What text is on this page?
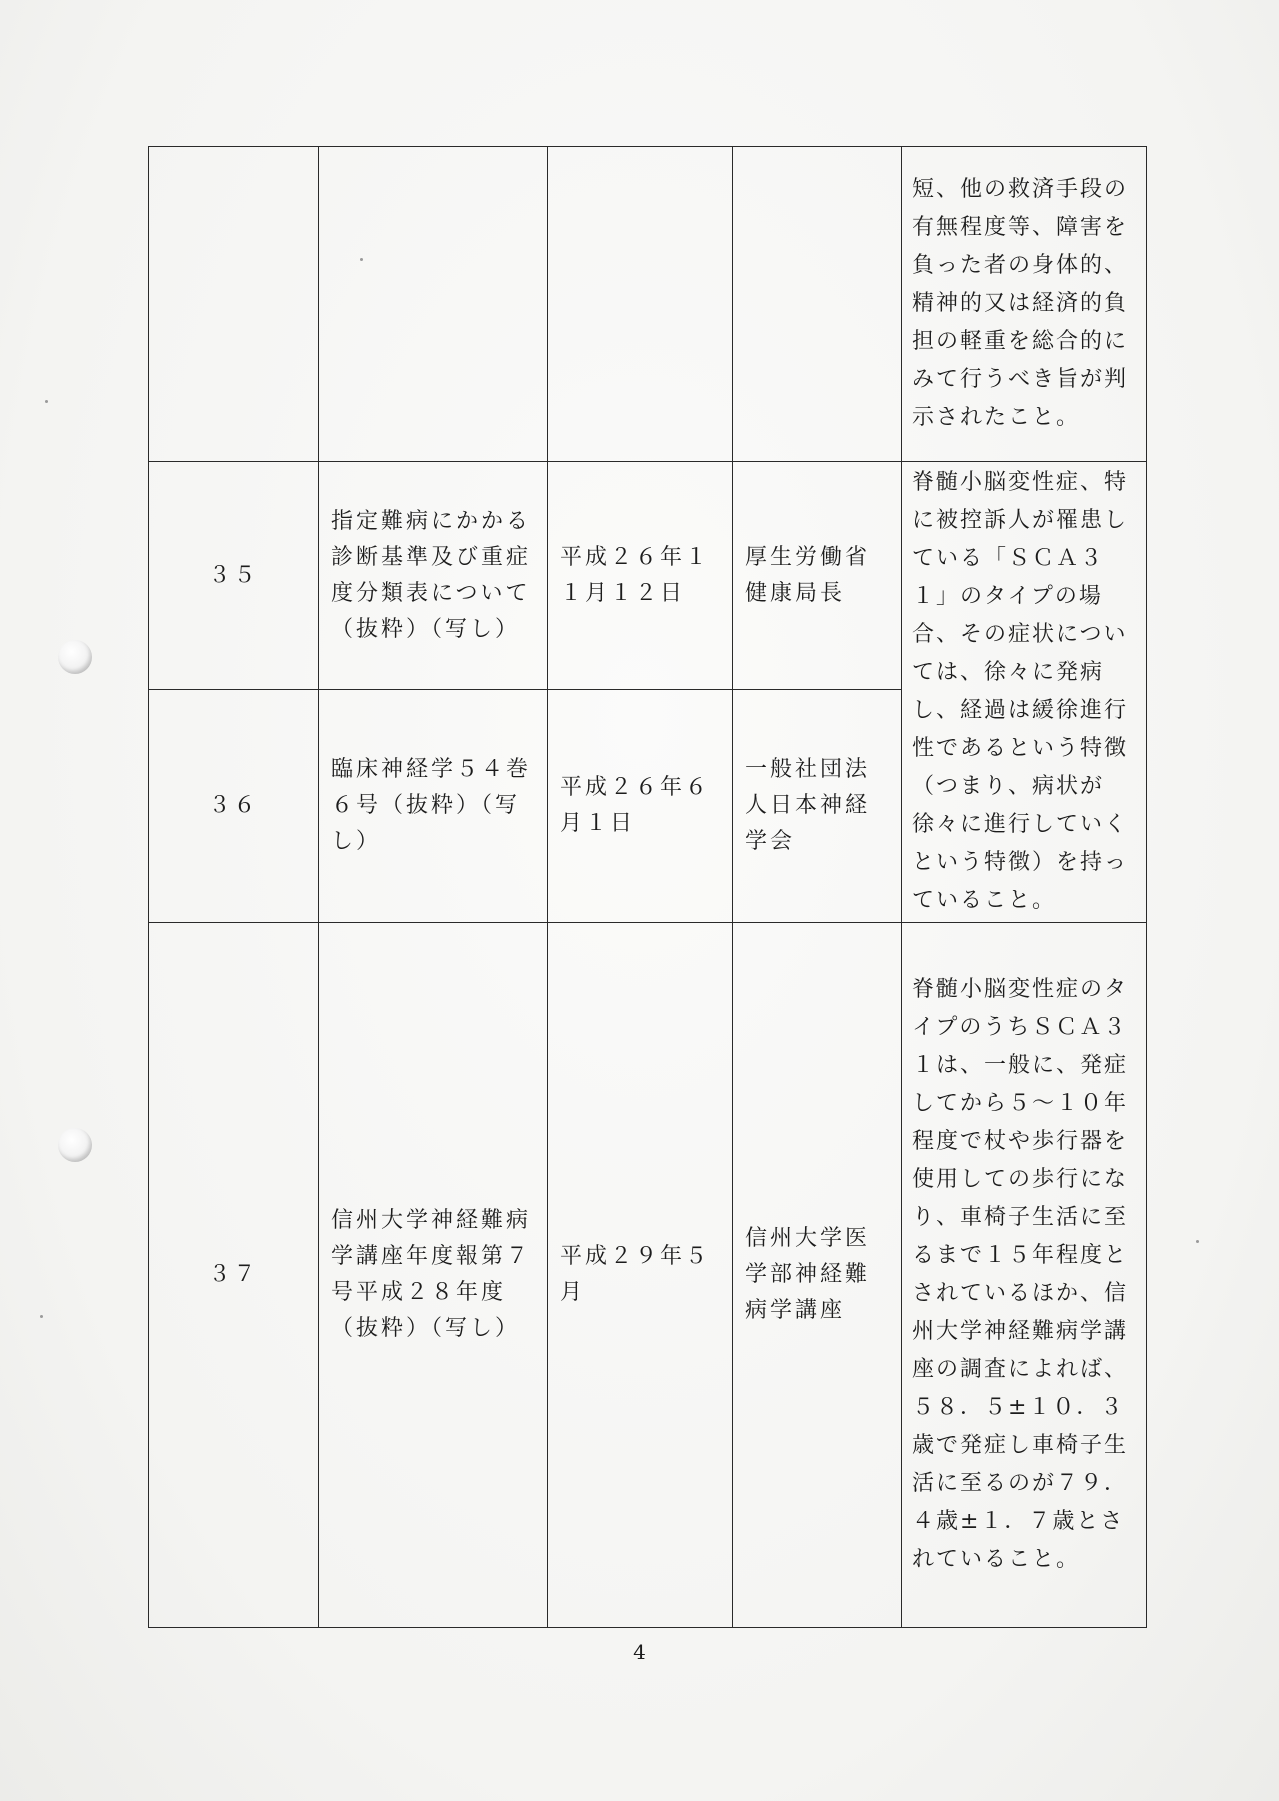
				短、他の救済手段の有無程度等、障害を負った者の身体的、精神的又は経済的負担の軽重を総合的にみて行うべき旨が判示されたこと。

３５	指定難病にかかる診断基準及び重症度分類表について（抜粋）（写し）	平成２６年１１月１２日	厚生労働省健康局長	脊髄小脳変性症、特に被控訴人が罹患している「ＳＣＡ３１」のタイプの場合、その症状については、徐々に発病し、経過は緩徐進行性であるという特徴（つまり、病状が徐々に進行していくという特徴）を持っていること。

３６	臨床神経学５４巻６号（抜粋）（写し）	平成２６年６月１日	一般社団法人日本神経学会	

３７	信州大学神経難病学講座年度報第７号平成２８年度（抜粋）（写し）	平成２９年５月	信州大学医学部神経難病学講座	脊髄小脳変性症のタイプのうちＳＣＡ３１は、一般に、発症してから５～１０年程度で杖や歩行器を使用しての歩行になり、車椅子生活に至るまで１５年程度とされているほか、信州大学神経難病学講座の調査によれば、５８．５±１０．３歳で発症し車椅子生活に至るのが７９．４歳±１．７歳とされていること。
4
